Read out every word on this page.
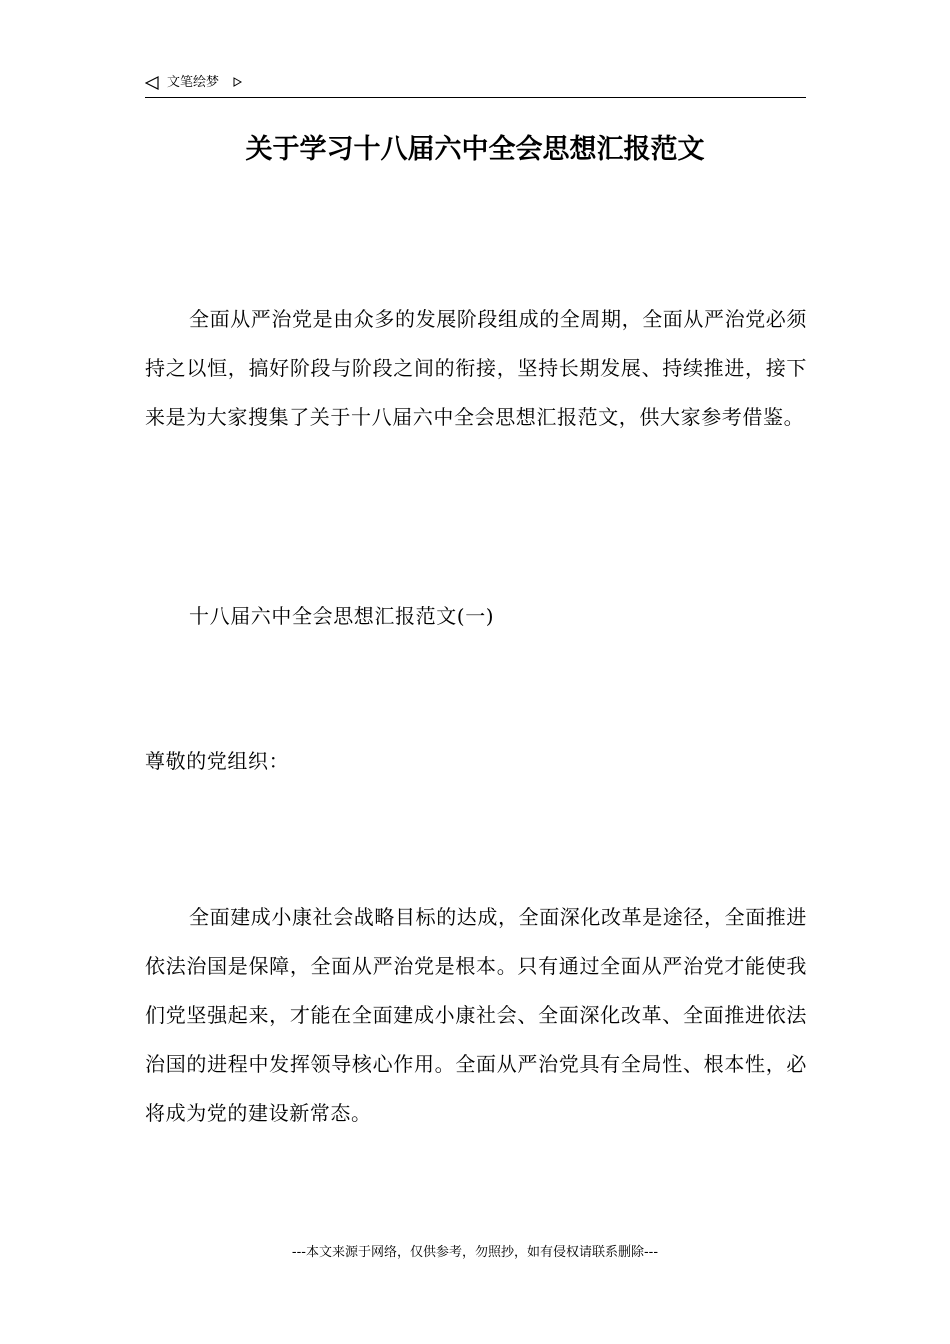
文笔绘梦
关于学习十八届六中全会思想汇报范文

全面从严治党是由众多的发展阶段组成的全周期，全面从严治党必须持之以恒，搞好阶段与阶段之间的衔接，坚持长期发展、持续推进，接下来是为大家搜集了关于十八届六中全会思想汇报范文，供大家参考借鉴。

十八届六中全会思想汇报范文(一)

尊敬的党组织：

全面建成小康社会战略目标的达成，全面深化改革是途径，全面推进依法治国是保障，全面从严治党是根本。只有通过全面从严治党才能使我们党坚强起来，才能在全面建成小康社会、全面深化改革、全面推进依法治国的进程中发挥领导核心作用。全面从严治党具有全局性、根本性，必将成为党的建设新常态。

---本文来源于网络，仅供参考，勿照抄，如有侵权请联系删除---
